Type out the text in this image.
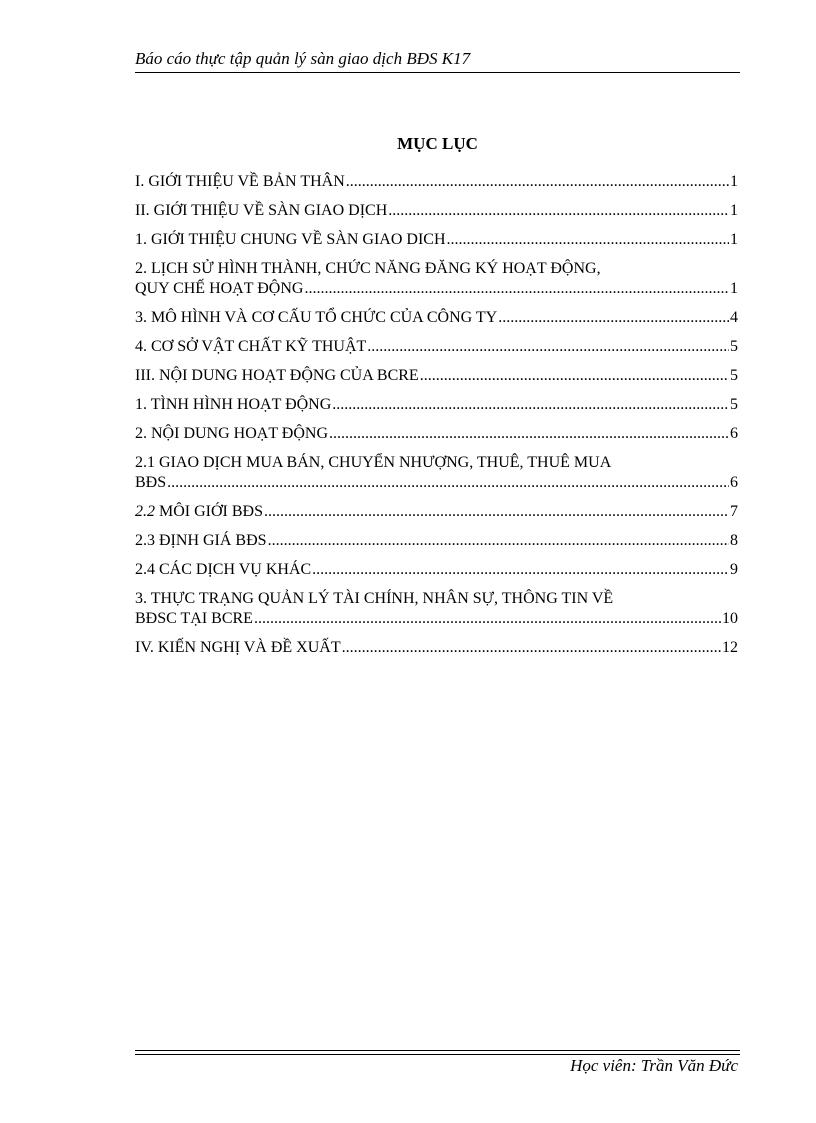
Báo cáo thực tập quản lý sàn giao dịch BĐS K17
MỤC LỤC
I. GIỚI THIỆU VỀ BẢN THÂN .....	1
II. GIỚI THIỆU VỀ SÀN GIAO DỊCH .....	1
1. GIỚI THIỆU CHUNG VỀ SÀN GIAO DICH .....	1
2. LỊCH SỬ HÌNH THÀNH, CHỨC NĂNG ĐĂNG KÝ HOẠT ĐỘNG,
QUY CHẾ HOẠT ĐỘNG .....	1
3. MÔ HÌNH VÀ CƠ CẤU TỔ CHỨC CỦA CÔNG TY .....	4
4. CƠ SỞ VẬT CHẤT KỸ THUẬT .....	5
III. NỘI DUNG HOẠT ĐỘNG CỦA BCRE .....	5
1. TÌNH HÌNH HOẠT ĐỘNG .....	5
2. NỘI DUNG HOẠT ĐỘNG .....	6
2.1 GIAO DỊCH MUA BÁN, CHUYỂN NHƯỢNG, THUÊ, THUÊ MUA
BĐS .....	6
2.2 MÔI GIỚI BĐS .....	7
2.3 ĐỊNH GIÁ BĐS .....	8
2.4 CÁC DỊCH VỤ KHÁC .....	9
3. THỰC TRẠNG QUẢN LÝ TÀI CHÍNH, NHÂN SỰ, THÔNG TIN VỀ
BĐSC TẠI BCRE .....	10
IV. KIẾN NGHỊ VÀ ĐỀ XUẤT .....	12
Học viên: Trần Văn Đức
